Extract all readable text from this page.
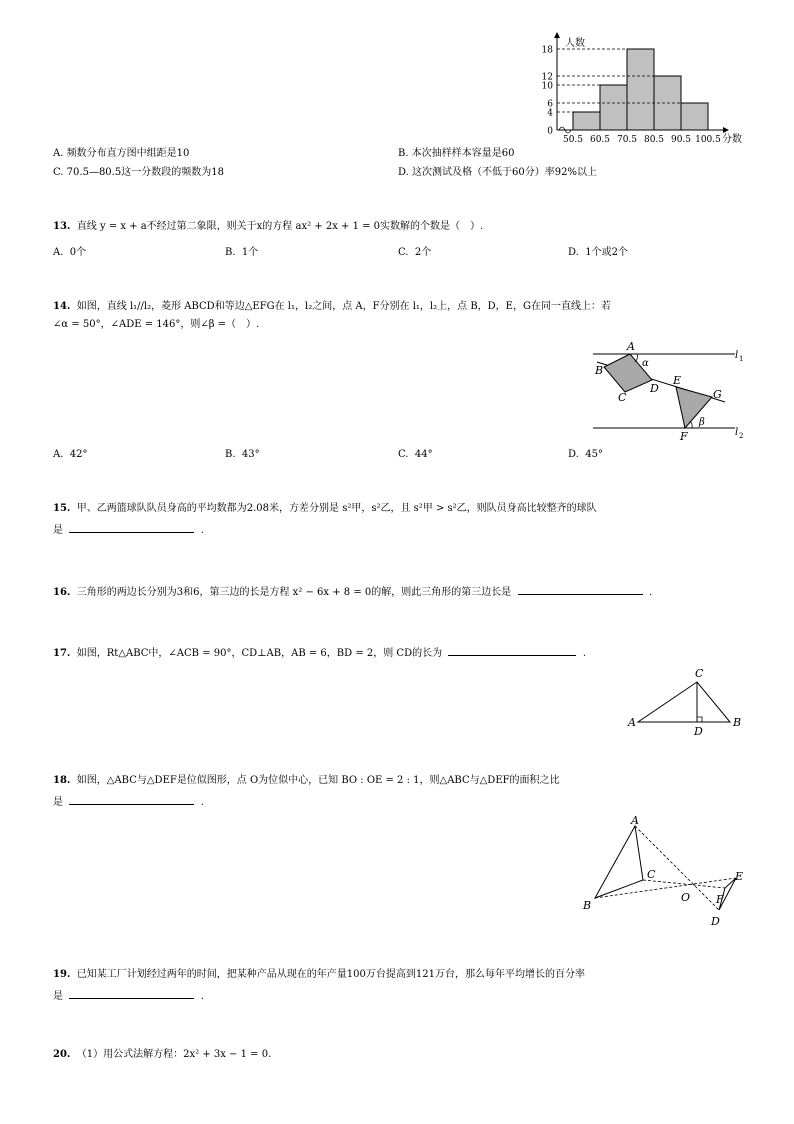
0
4
6
10
12
18
50.5 60.5 70.5 80.5 90.5 100.5
人数
分数
A. 频数分布直方图中组距是10	B. 本次抽样样本容量是60
C. 70.5—80.5这一分数段的频数为18	D. 这次测试及格（不低于60分）率92%以上
13. 直线 y = x + a不经过第二象限，则关于x的方程 ax² + 2x + 1 = 0实数解的个数是（　）.
A. 0个	B. 1个	C. 2个	D. 1个或2个
14. 如图，直线 l₁//l₂，菱形 ABCD和等边△EFG在 l₁，l₂之间，点 A，F分别在 l₁，l₂上，点 B，D，E，G在同一直线上：若
∠α = 50°，∠ADE = 146°，则∠β =（　）.
A
B
C
D
E
F
G
α
β
l 1
l 2
A. 42°	B. 43°	C. 44°	D. 45°
15. 甲、乙两篮球队队员身高的平均数都为2.08米，方差分别是 s²甲，s²乙，且 s²甲 > s²乙，则队员身高比较整齐的球队
是	.
16. 三角形的两边长分别为3和6，第三边的长是方程 x² − 6x + 8 = 0的解，则此三角形的第三边长是	.
17. 如图，Rt△ABC中，∠ACB = 90°，CD⊥AB，AB = 6，BD = 2，则 CD的长为	.
A	B
C
D
18. 如图，△ABC与△DEF是位似图形，点 O为位似中心，已知 BO : OE = 2 : 1，则△ABC与△DEF的面积之比
是	.
A
B
C
D
E
F
O
19. 已知某工厂计划经过两年的时间，把某种产品从现在的年产量100万台提高到121万台，那么每年平均增长的百分率
是	.
20. （1）用公式法解方程：2x² + 3x − 1 = 0.
